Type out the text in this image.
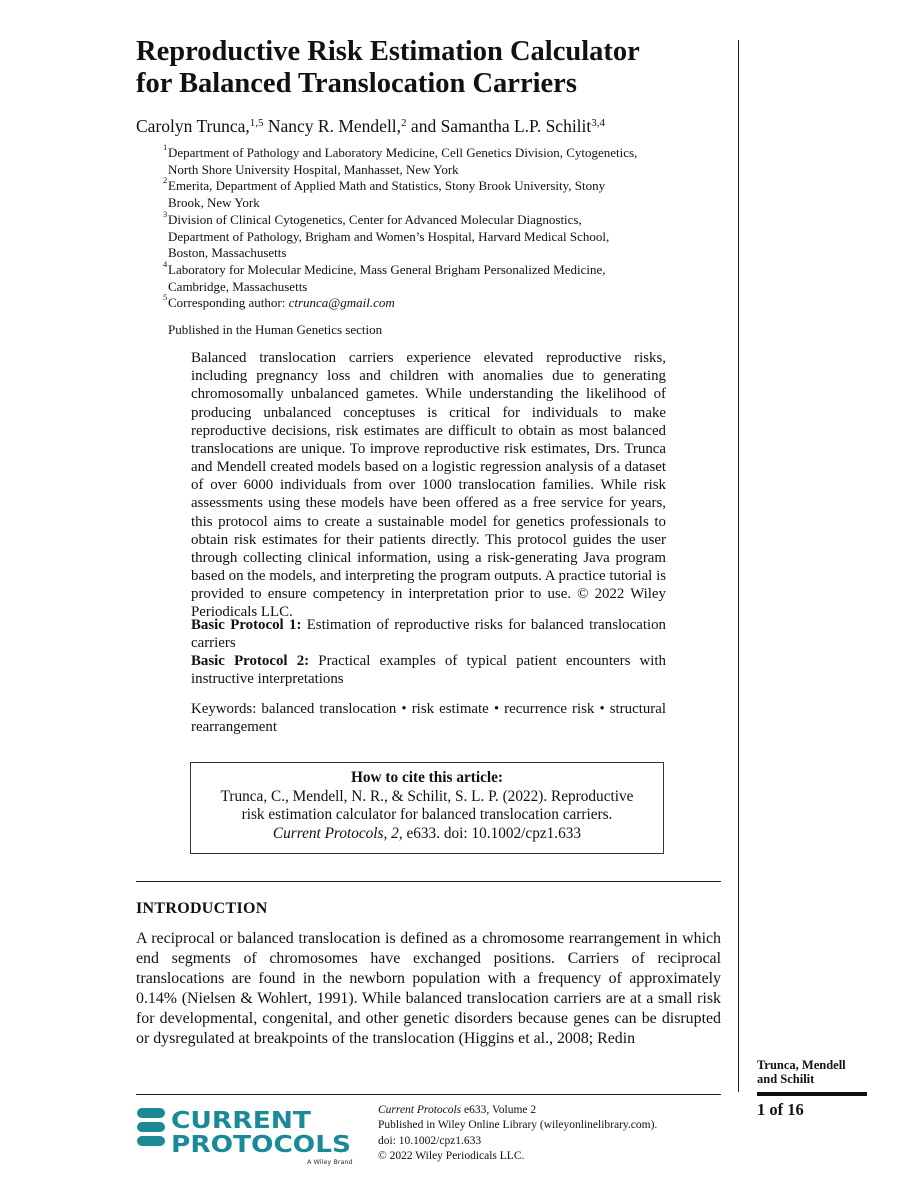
Reproductive Risk Estimation Calculator
for Balanced Translocation Carriers
Carolyn Trunca,$^{1,5}$ Nancy R. Mendell,$^2$ and Samantha L.P. Schilit$^{3,4}$
1 Department of Pathology and Laboratory Medicine, Cell Genetics Division, Cytogenetics,
North Shore University Hospital, Manhasset, New York
2 Emerita, Department of Applied Math and Statistics, Stony Brook University, Stony
Brook, New York
3 Division of Clinical Cytogenetics, Center for Advanced Molecular Diagnostics,
Department of Pathology, Brigham and Women’s Hospital, Harvard Medical School,
Boston, Massachusetts
4 Laboratory for Molecular Medicine, Mass General Brigham Personalized Medicine,
Cambridge, Massachusetts
5 Corresponding author: ctrunca@gmail.com
Published in the Human Genetics section

Balanced translocation carriers experience elevated reproductive risks, including pregnancy loss and children with anomalies due to generating chromosomally unbalanced gametes. While understanding the likelihood of producing unbalanced conceptuses is critical for individuals to make reproductive decisions, risk estimates are difficult to obtain as most balanced translocations are unique. To improve reproductive risk estimates, Drs. Trunca and Mendell created models based on a logistic regression analysis of a dataset of over 6000 individuals from over 1000 translocation families. While risk assessments using these models have been offered as a free service for years, this protocol aims to create a sustainable model for genetics professionals to obtain risk estimates for their patients directly. This protocol guides the user through collecting clinical information, using a risk-generating Java program based on the models, and interpreting the program outputs. A practice tutorial is provided to ensure competency in interpretation prior to use. © 2022 Wiley Periodicals LLC.

Basic Protocol 1: Estimation of reproductive risks for balanced translocation carriers

Basic Protocol 2: Practical examples of typical patient encounters with instructive interpretations

Keywords: balanced translocation • risk estimate • recurrence risk • structural rearrangement

How to cite this article:
Trunca, C., Mendell, N. R., & Schilit, S. L. P. (2022). Reproductive
risk estimation calculator for balanced translocation carriers.
Current Protocols, 2, e633. doi: 10.1002/cpz1.633
INTRODUCTION

A reciprocal or balanced translocation is defined as a chromosome rearrangement in which end segments of chromosomes have exchanged positions. Carriers of reciprocal translocations are found in the newborn population with a frequency of approximately 0.14% (Nielsen & Wohlert, 1991). While balanced translocation carriers are at a small risk for developmental, congenital, and other genetic disorders because genes can be disrupted or dysregulated at breakpoints of the translocation (Higgins et al., 2008; Redin

Trunca, Mendell
and Schilit
1 of 16
CURRENT
PROTOCOLS
A Wiley Brand
Current Protocols e633, Volume 2
Published in Wiley Online Library (wileyonlinelibrary.com).
doi: 10.1002/cpz1.633
© 2022 Wiley Periodicals LLC.
